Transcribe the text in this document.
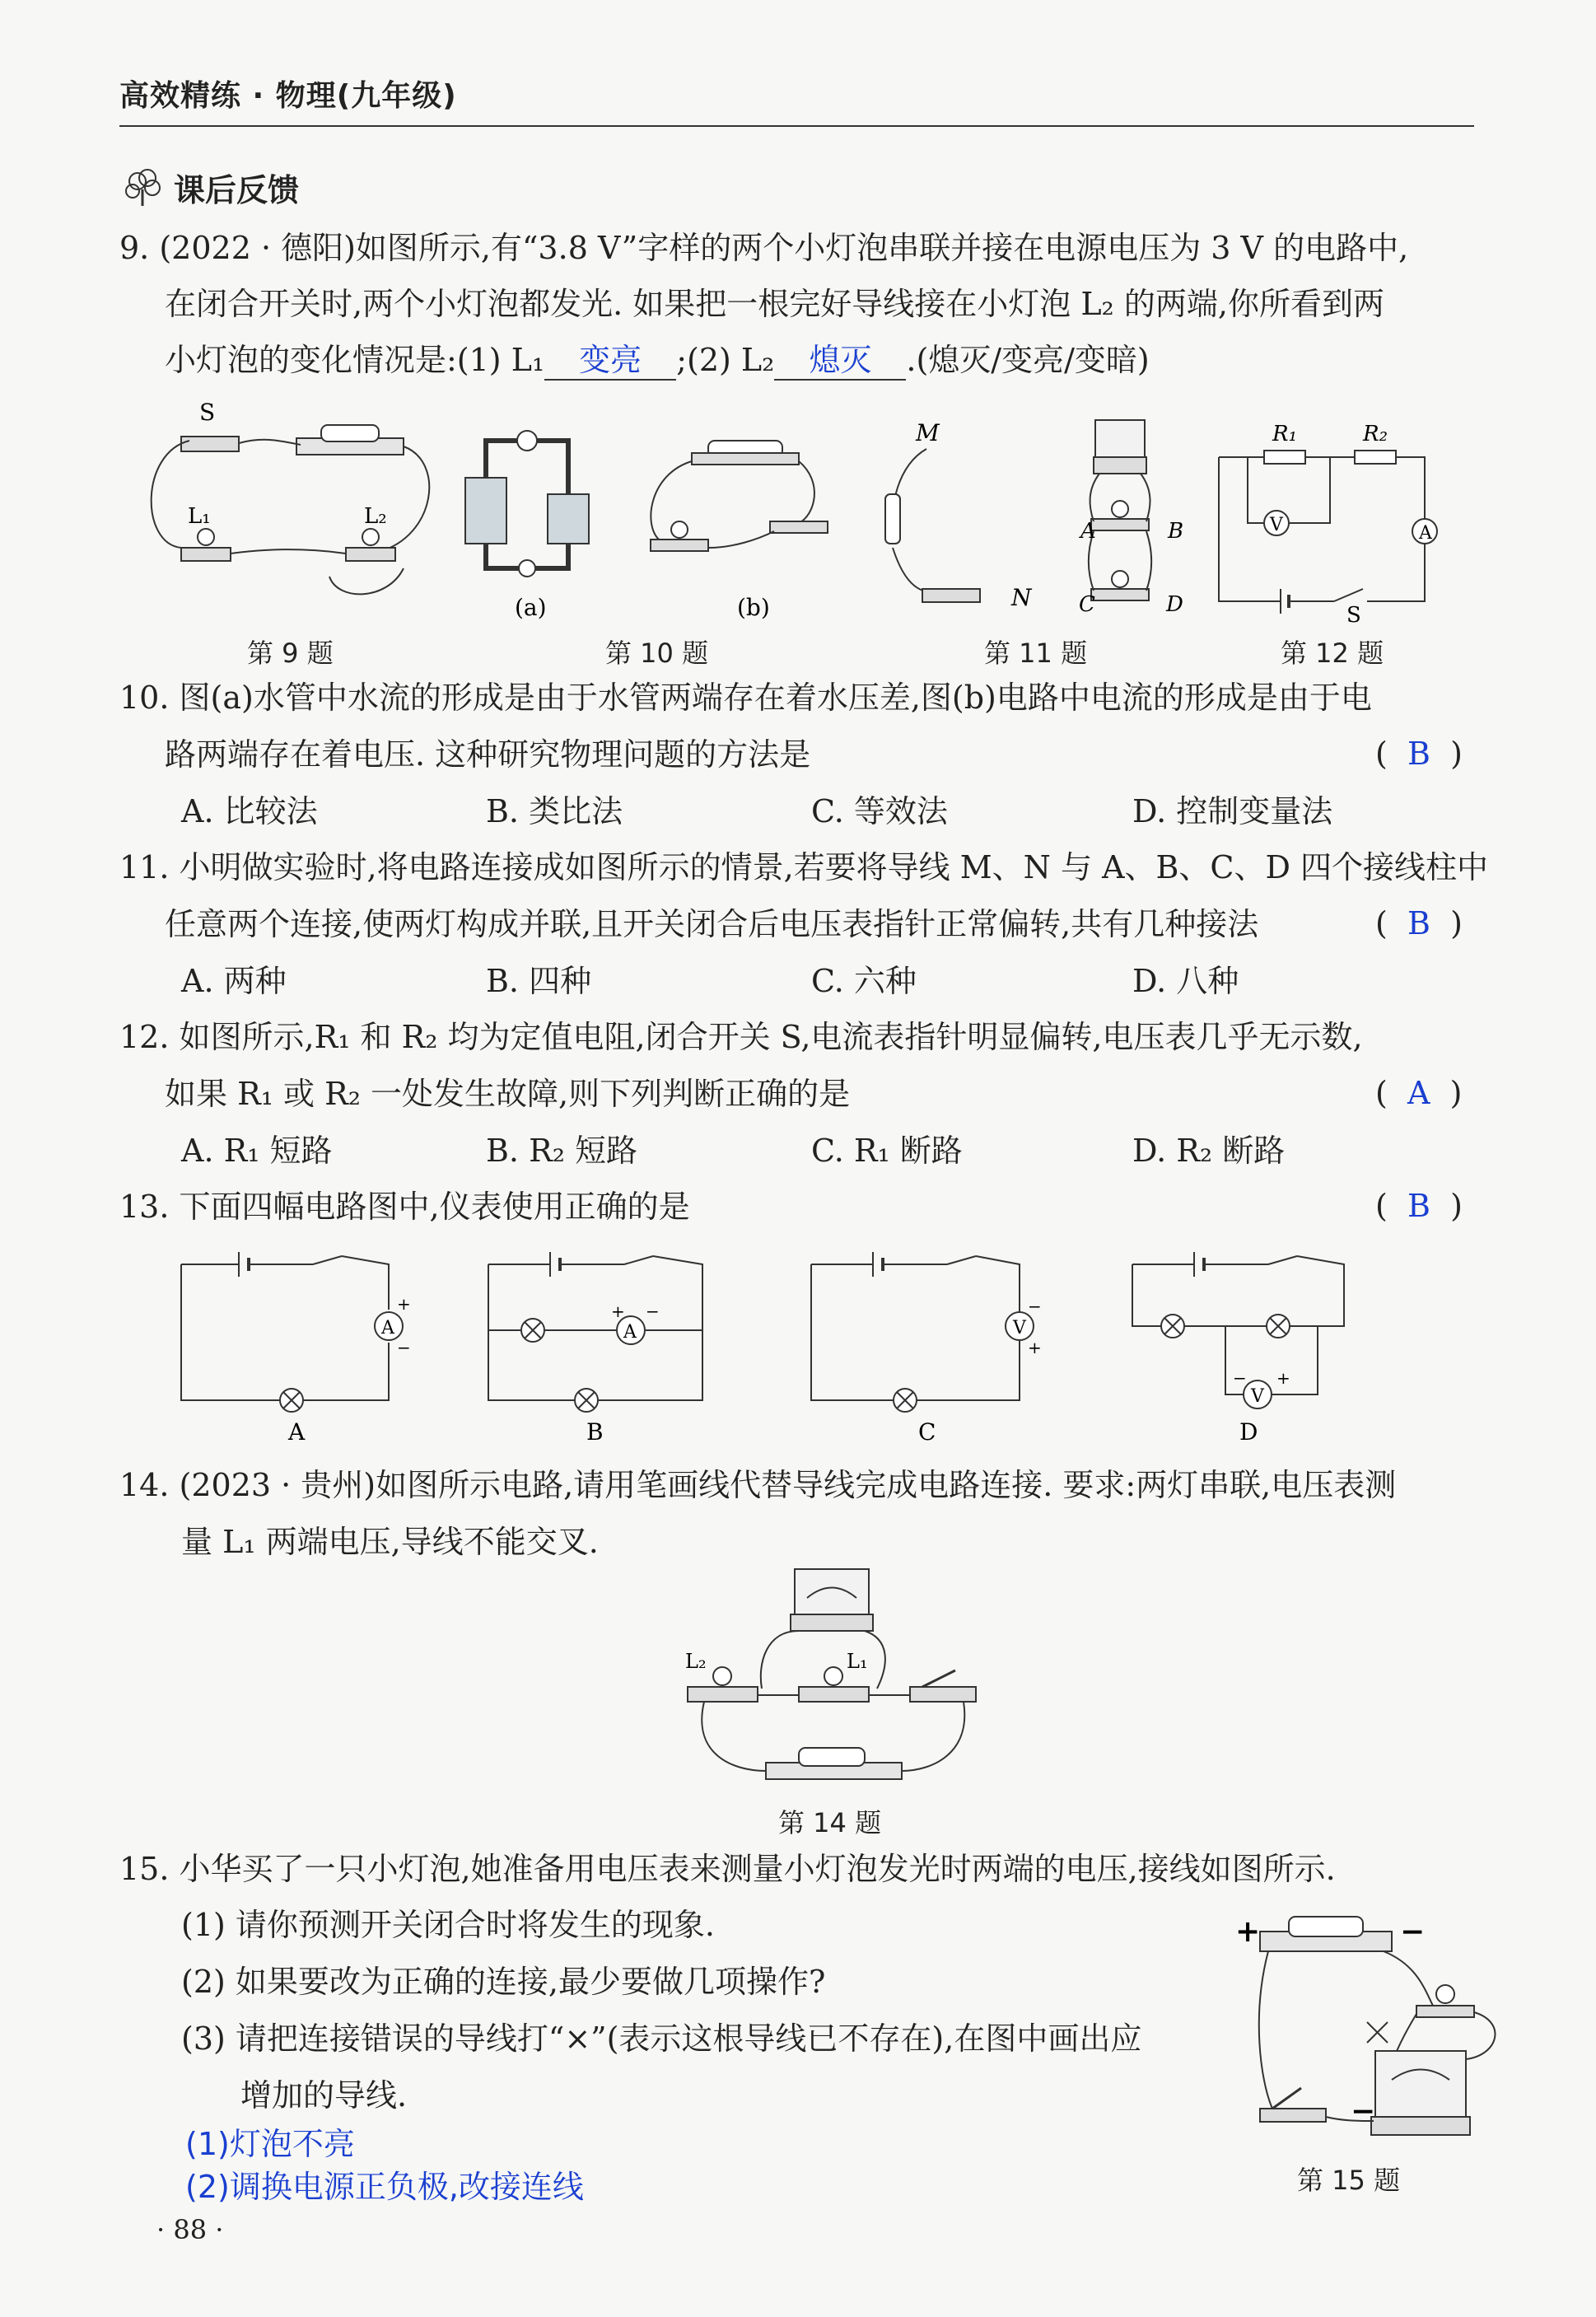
高效精练 · 物理(九年级)
课后反馈
9. (2022 · 德阳)如图所示,有“3.8 V”字样的两个小灯泡串联并接在电源电压为 3 V 的电路中,
在闭合开关时,两个小灯泡都发光. 如果把一根完好导线接在小灯泡 L₂ 的两端,你所看到两
小灯泡的变化情况是:(1) L₁ 变亮 ;(2) L₂ 熄灭 .(熄灭/变亮/变暗)
S
L₁	L₂
第 9 题
(a)	(b)
第 10 题
M
N
A	B
C	D
第 11 题
A
V
R₁	R₂
S
第 12 题
10. 图(a)水管中水流的形成是由于水管两端存在着水压差,图(b)电路中电流的形成是由于电
路两端存在着电压. 这种研究物理问题的方法是	(  B  )
A. 比较法	B. 类比法	C. 等效法	D. 控制变量法
11. 小明做实验时,将电路连接成如图所示的情景,若要将导线 M、N 与 A、B、C、D 四个接线柱中
任意两个连接,使两灯构成并联,且开关闭合后电压表指针正常偏转,共有几种接法	(  B  )
A. 两种	B. 四种	C. 六种	D. 八种
12. 如图所示,R₁ 和 R₂ 均为定值电阻,闭合开关 S,电流表指针明显偏转,电压表几乎无示数,
如果 R₁ 或 R₂ 一处发生故障,则下列判断正确的是	(  A  )
A. R₁ 短路	B. R₂ 短路	C. R₁ 断路	D. R₂ 断路
13. 下面四幅电路图中,仪表使用正确的是	(  B  )
A
+
−
A
A
+ −
B
V
−
+
C
V
− +
D
14. (2023 · 贵州)如图所示电路,请用笔画线代替导线完成电路连接. 要求:两灯串联,电压表测
量 L₁ 两端电压,导线不能交叉.
L₂	L₁
第 14 题
15. 小华买了一只小灯泡,她准备用电压表来测量小灯泡发光时两端的电压,接线如图所示.
(1) 请你预测开关闭合时将发生的现象.
(2) 如果要改为正确的连接,最少要做几项操作?
(3) 请把连接错误的导线打“×”(表示这根导线已不存在),在图中画出应
增加的导线.
(1)灯泡不亮
(2)调换电源正负极,改接连线
+	−
−
第 15 题
· 88 ·
